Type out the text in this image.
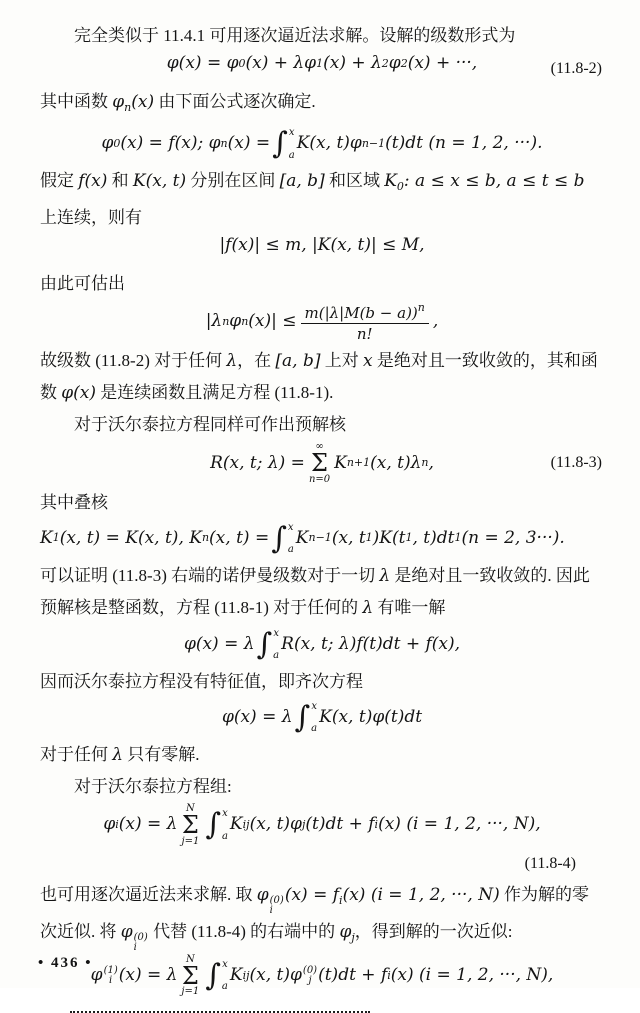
完全类似于 11.4.1 可用逐次逼近法求解。设解的级数形式为
φ(x) = φ 0 (x) + λφ 1 (x) + λ 2 φ 2 (x) + ···,	(11.8-2)
其中函数 $\varphi_n(x)$ 由下面公式逐次确定.
φ 0 (x) = f(x); φ n (x) = ∫ x
a
K(x, t)φ n−1 (t)dt (n = 1, 2, ···).
假定 f(x) 和 K(x, t) 分别在区间 [a, b] 和区域 $K_0$: a ≤ x ≤ b, a ≤ t ≤ b
上连续，则有
|f(x)| ≤ m, |K(x, t)| ≤ M,
由此可估出
|λ n φ n $(x)| \le \frac{m(|\lambda|M(b - a))^n}{n!}$ ,
故级数 (11.8-2) 对于任何 λ，在 [a, b] 上对 x 是绝对且一致收敛的，其和函
数 φ(x) 是连续函数且满足方程 (11.8-1).
对于沃尔泰拉方程同样可作出预解核
R(x, t; λ) =
∞
Σ
n=0
K n+1 (x, t)λ n ,	(11.8-3)
其中叠核
K 1 (x, t) = K(x, t), K n (x, t) = ∫ x
a
K n−1 (x, t 1 )K(t 1 , t)dt 1 (n = 2, 3···).
可以证明 (11.8-3) 右端的诺伊曼级数对于一切 λ 是绝对且一致收敛的. 因此
预解核是整函数，方程 (11.8-1) 对于任何的 λ 有唯一解
φ(x) = λ ∫ x
a
R(x, t; λ)f(t)dt + f(x),
因而沃尔泰拉方程没有特征值，即齐次方程
φ(x) = λ ∫ x
a
K(x, t)φ(t)dt
对于任何 λ 只有零解.
对于沃尔泰拉方程组:
φ i (x) = λ
N
Σ
j=1 ∫ x
a
K ij (x, t)φ j (t)dt + f i (x) (i = 1, 2, ···, N),
(11.8-4)
也可用逐次逼近法来求解. 取 φ (0)
i
$(x) = f_i(x) (i = 1$, 2, ···, N) 作为解的零
次近似. 将 φ (0)
i
代替 (11.8-4) 的右端中的 $\varphi_j$，得到解的一次近似:
φ (1)
i (x) = λ
N
Σ
j=1 ∫ x
a
K ij (x, t)φ (0)
j (t)dt + f i (x) (i = 1, 2, ···, N),
• 436 •
